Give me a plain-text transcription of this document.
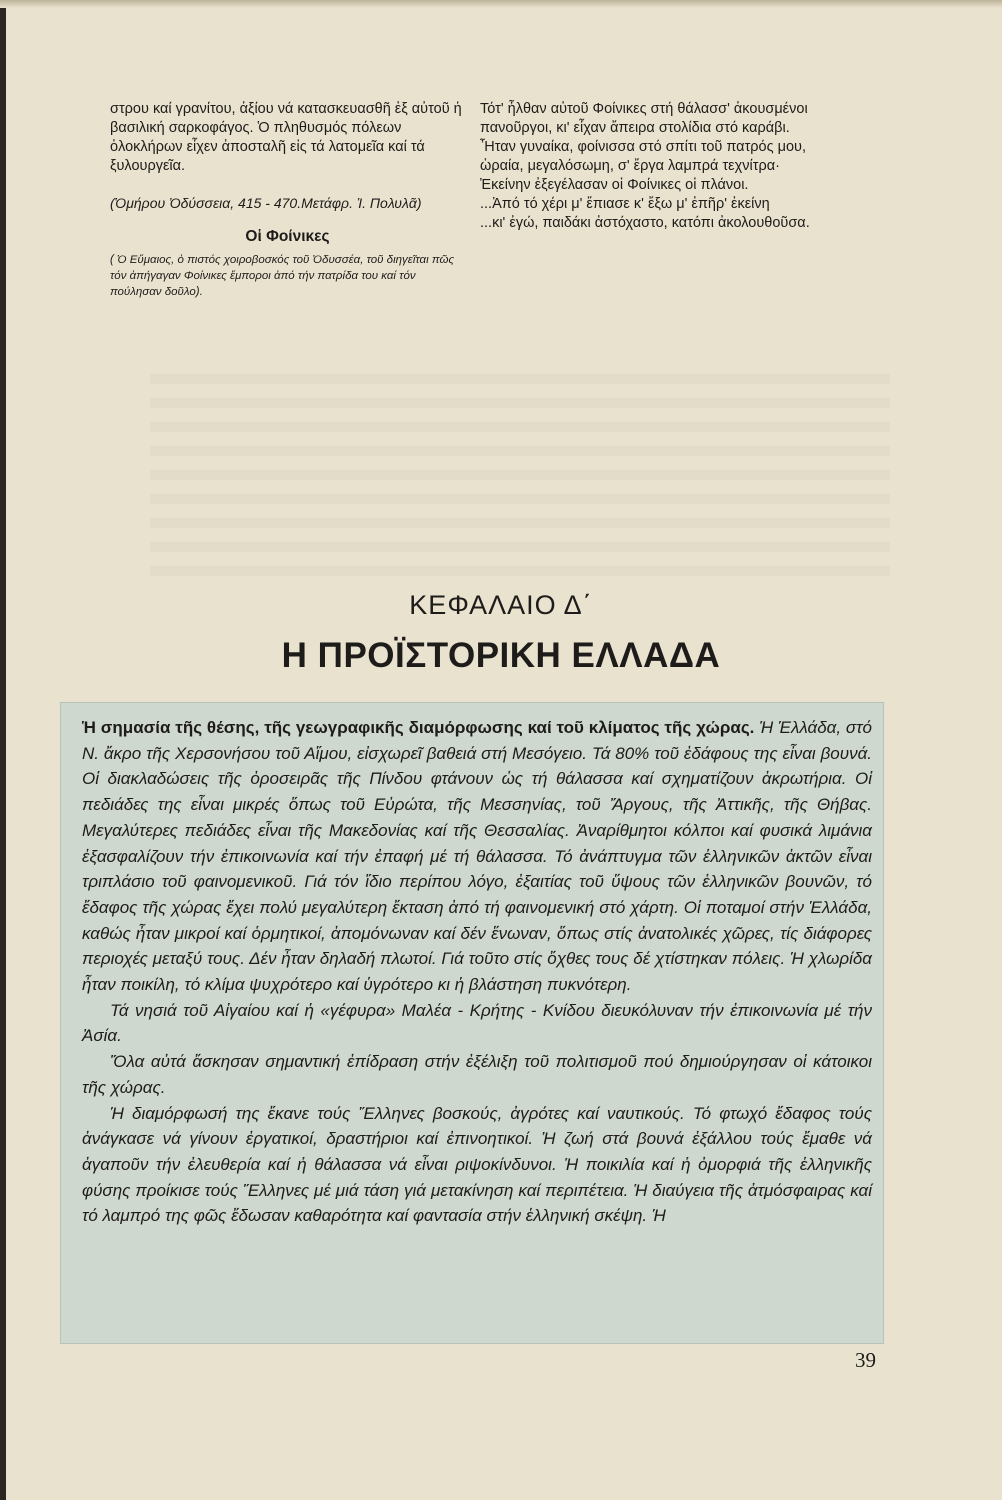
στρου καί γρανίτου, ἀξίου νά κατασκευασθῆ ἐξ αὐτοῦ ἡ βασιλική σαρκοφάγος. Ὁ πληθυσμός πόλεων ὁλοκλήρων εἶχεν ἀποσταλῆ εἰς τά λατομεῖα καί τά ξυλουργεῖα.

(Ὁμήρου Ὀδύσσεια, 415 - 470.Μετάφρ. Ἰ. Πολυλᾶ)

Οἱ Φοίνικες

( Ὁ Εὔμαιος, ὁ πιστός χοιροβοσκός τοῦ Ὀδυσσέα, τοῦ διηγεῖται πῶς τόν ἀπήγαγαν Φοίνικες ἔμποροι ἀπό τήν πατρίδα του καί τόν πούλησαν δοῦλο).

Τότ' ἦλθαν αὐτοῦ Φοίνικες στή θάλασσ' ἀκουσμένοι

πανοῦργοι, κι' εἶχαν ἄπειρα στολίδια στό καράβι.

Ἦταν γυναίκα, φοίνισσα στό σπίτι τοῦ πατρός μου,

ὡραία, μεγαλόσωμη, σ' ἔργα λαμπρά τεχνίτρα·

Ἐκείνην ἐξεγέλασαν οἱ Φοίνικες οἱ πλάνοι.

...Ἀπό τό χέρι μ' ἔπιασε κ' ἔξω μ' ἐπῆρ' ἐκείνη

...κι' ἐγώ, παιδάκι ἀστόχαστο, κατόπι ἀκολουθοῦσα.

ΚΕΦΑΛΑΙΟ Δ΄
Η ΠΡΟΪΣΤΟΡΙΚΗ ΕΛΛΑΔΑ

Ἡ σημασία τῆς θέσης, τῆς γεωγραφικῆς διαμόρφωσης καί τοῦ κλίματος τῆς χώρας. Ἡ Ἑλλάδα, στό Ν. ἄκρο τῆς Χερσονήσου τοῦ Αἵμου, εἰσχωρεῖ βαθειά στή Μεσόγειο. Τά 80% τοῦ ἐδάφους της εἶναι βουνά. Οἱ διακλαδώσεις τῆς ὀροσειρᾶς τῆς Πίνδου φτάνουν ὡς τή θάλασσα καί σχηματίζουν ἀκρωτήρια. Οἱ πεδιάδες της εἶναι μικρές ὅπως τοῦ Εὐρώτα, τῆς Μεσσηνίας, τοῦ Ἄργους, τῆς Ἀττικῆς, τῆς Θήβας. Μεγαλύτερες πεδιάδες εἶναι τῆς Μακεδονίας καί τῆς Θεσσαλίας. Ἀναρίθμητοι κόλποι καί φυσικά λιμάνια ἐξασφαλίζουν τήν ἐπικοινωνία καί τήν ἐπαφή μέ τή θάλασσα. Τό ἀνάπτυγμα τῶν ἑλληνικῶν ἀκτῶν εἶναι τριπλάσιο τοῦ φαινομενικοῦ. Γιά τόν ἴδιο περίπου λόγο, ἐξαιτίας τοῦ ὕψους τῶν ἑλληνικῶν βουνῶν, τό ἔδαφος τῆς χώρας ἔχει πολύ μεγαλύτερη ἔκταση ἀπό τή φαινομενική στό χάρτη. Οἱ ποταμοί στήν Ἑλλάδα, καθώς ἦταν μικροί καί ὁρμητικοί, ἀπομόνωναν καί δέν ἕνωναν, ὅπως στίς ἀνατολικές χῶρες, τίς διάφορες περιοχές μεταξύ τους. Δέν ἦταν δηλαδή πλωτοί. Γιά τοῦτο στίς ὄχθες τους δέ χτίστηκαν πόλεις. Ἡ χλωρίδα ἦταν ποικίλη, τό κλίμα ψυχρότερο καί ὑγρότερο κι ἡ βλάστηση πυκνότερη.

Τά νησιά τοῦ Αἰγαίου καί ἡ «γέφυρα» Μαλέα - Κρήτης - Κνίδου διευκόλυναν τήν ἐπικοινωνία μέ τήν Ἀσία.

Ὅλα αὐτά ἄσκησαν σημαντική ἐπίδραση στήν ἐξέλιξη τοῦ πολιτισμοῦ πού δημιούργησαν οἱ κάτοικοι τῆς χώρας.

Ἡ διαμόρφωσή της ἔκανε τούς Ἕλληνες βοσκούς, ἀγρότες καί ναυτικούς. Τό φτωχό ἔδαφος τούς ἀνάγκασε νά γίνουν ἐργατικοί, δραστήριοι καί ἐπινοητικοί. Ἡ ζωή στά βουνά ἐξάλλου τούς ἔμαθε νά ἀγαποῦν τήν ἐλευθερία καί ἡ θάλασσα νά εἶναι ριψοκίνδυνοι. Ἡ ποικιλία καί ἡ ὀμορφιά τῆς ἑλληνικῆς φύσης προίκισε τούς Ἕλληνες μέ μιά τάση γιά μετακίνηση καί περιπέτεια. Ἡ διαύγεια τῆς ἀτμόσφαιρας καί τό λαμπρό της φῶς ἔδωσαν καθαρότητα καί φαντασία στήν ἑλληνική σκέψη. Ἡ

39
